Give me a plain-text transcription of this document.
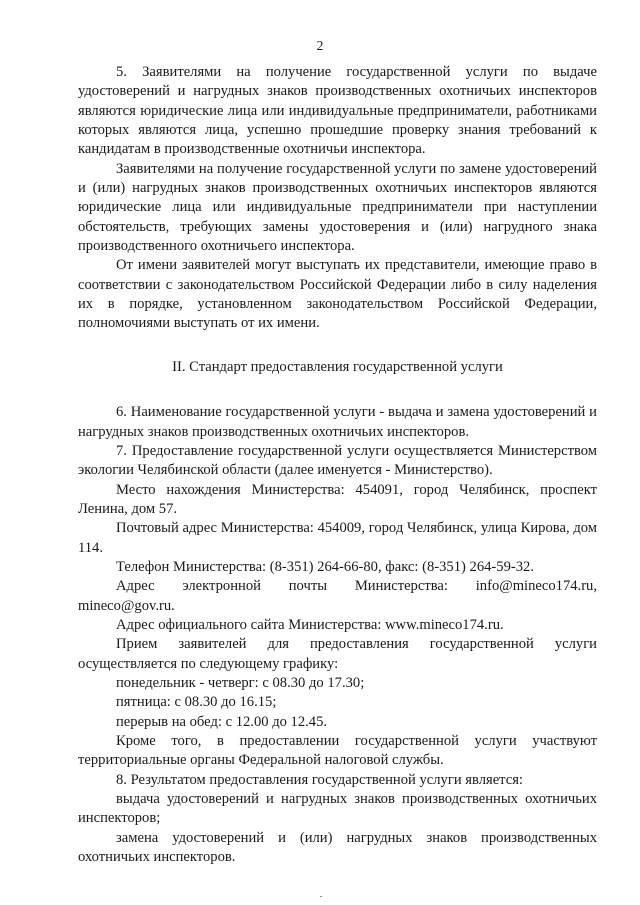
2

5. Заявителями на получение государственной услуги по выдаче удостоверений и нагрудных знаков производственных охотничьих инспекторов являются юридические лица или индивидуальные предприниматели, работниками которых являются лица, успешно прошедшие проверку знания требований к кандидатам в производственные охотничьи инспектора.

Заявителями на получение государственной услуги по замене удостоверений и (или) нагрудных знаков производственных охотничьих инспекторов являются юридические лица или индивидуальные предприниматели при наступлении обстоятельств, требующих замены удостоверения и (или) нагрудного знака производственного охотничьего инспектора.

От имени заявителей могут выступать их представители, имеющие право в соответствии с законодательством Российской Федерации либо в силу наделения их в порядке, установленном законодательством Российской Федерации, полномочиями выступать от их имени.

II. Стандарт предоставления государственной услуги

6. Наименование государственной услуги - выдача и замена удостоверений и нагрудных знаков производственных охотничьих инспекторов.

7. Предоставление государственной услуги осуществляется Министерством экологии Челябинской области (далее именуется - Министерство).

Место нахождения Министерства: 454091, город Челябинск, проспект Ленина, дом 57.

Почтовый адрес Министерства: 454009, город Челябинск, улица Кирова, дом 114.

Телефон Министерства: (8-351) 264-66-80, факс: (8-351) 264-59-32.

Адрес электронной почты Министерства: info@mineco174.ru, mineco@gov.ru.

Адрес официального сайта Министерства: www.mineco174.ru.

Прием заявителей для предоставления государственной услуги осуществляется по следующему графику:

понедельник - четверг: с 08.30 до 17.30;

пятница: с 08.30 до 16.15;

перерыв на обед: с 12.00 до 12.45.

Кроме того, в предоставлении государственной услуги участвуют территориальные органы Федеральной налоговой службы.

8. Результатом предоставления государственной услуги является:

выдача удостоверений и нагрудных знаков производственных охотничьих инспекторов;

замена удостоверений и (или) нагрудных знаков производственных охотничьих инспекторов.
